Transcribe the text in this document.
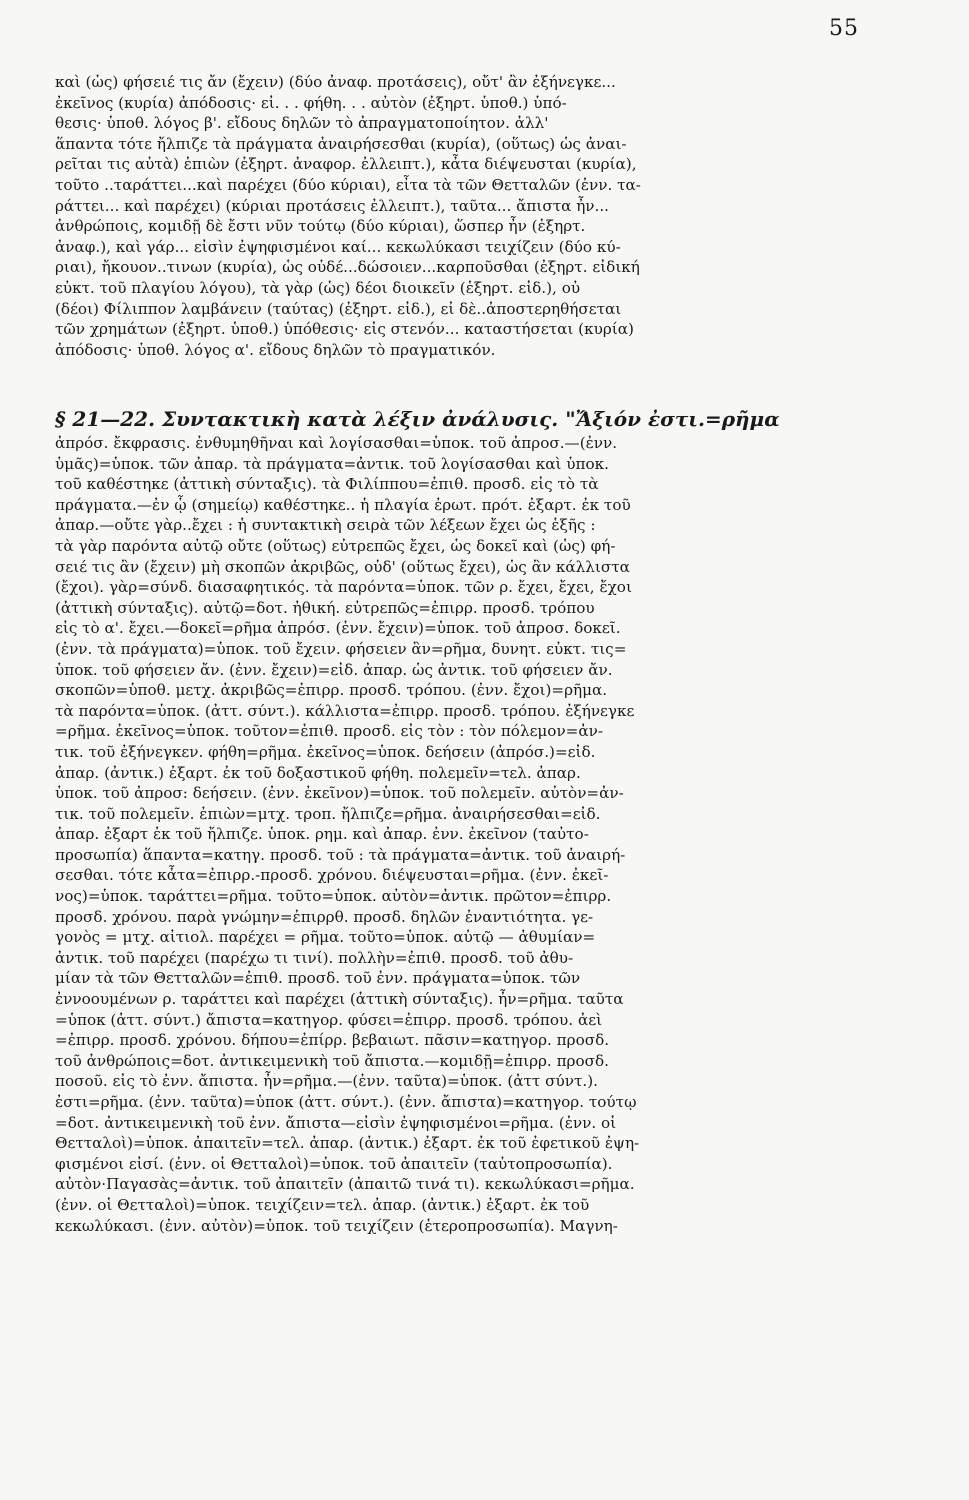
55
καὶ (ὡς) φήσειέ τις ἄν (ἔχειν) (δύο ἀναφ. προτάσεις), οὔτ' ἂν ἐξήνεγκε...
ἐκεῖνος (κυρία) ἀπόδοσις· εἰ. . . φήθη. . . αὐτὸν (ἐξηρτ. ὑποθ.) ὑπό-
θεσις· ὑποθ. λόγος β'. εἴδους δηλῶν τὸ ἀπραγματοποίητον. ἀλλ'
ἅπαντα τότε ἤλπιζε τὰ πράγματα ἀναιρήσεσθαι (κυρία), (οὕτως) ὡς ἀναι-
ρεῖται τις αὐτὰ) ἐπιὼν (ἐξηρτ. ἀναφορ. ἐλλειπτ.), κἆτα διέψευσται (κυρία),
τοῦτο ..ταράττει...καὶ παρέχει (δύο κύριαι), εἶτα τὰ τῶν Θετταλῶν (ἐνν. τα-
ράττει... καὶ παρέχει) (κύριαι προτάσεις ἐλλειπτ.), ταῦτα... ἄπιστα ἦν...
ἀνθρώποις, κομιδῇ δὲ ἔστι νῦν τούτῳ (δύο κύριαι), ὥσπερ ἦν (ἐξηρτ.
ἀναφ.), καὶ γάρ... εἰσὶν ἐψηφισμένοι καί... κεκωλύκασι τειχίζειν (δύο κύ-
ριαι), ἤκουον..τινων (κυρία), ὡς οὐδέ...δώσοιεν...καρποῦσθαι (ἐξηρτ. εἰδική
εὐκτ. τοῦ πλαγίου λόγου), τὰ γὰρ (ὡς) δέοι διοικεῖν (ἐξηρτ. εἰδ.), οὐ
(δέοι) Φίλιππον λαμβάνειν (ταύτας) (ἐξηρτ. εἰδ.), εἰ δὲ..ἀποστερηθήσεται
τῶν χρημάτων (ἐξηρτ. ὑποθ.) ὑπόθεσις· εἰς στενόν... καταστήσεται (κυρία)
ἀπόδοσις· ὑποθ. λόγος α'. εἴδους δηλῶν τὸ πραγματικόν.
§ 21—22. Συντακτικὴ κατὰ λέξιν ἀνάλυσις. "Ἄξιόν ἐστι.=ρῆμα
ἀπρόσ. ἔκφρασις. ἐνθυμηθῆναι καὶ λογίσασθαι=ὑποκ. τοῦ ἀπροσ.—(ἐνν.
ὑμᾶς)=ὑποκ. τῶν ἀπαρ. τὰ πράγματα=ἀντικ. τοῦ λογίσασθαι καὶ ὑποκ.
τοῦ καθέστηκε (ἀττικὴ σύνταξις). τὰ Φιλίππου=ἐπιθ. προσδ. εἰς τὸ τὰ
πράγματα.—ἐν ᾧ (σημείῳ) καθέστηκε.. ἡ πλαγία ἐρωτ. πρότ. ἐξαρτ. ἐκ τοῦ
ἀπαρ.—οὔτε γὰρ..ἔχει : ἡ συντακτικὴ σειρὰ τῶν λέξεων ἔχει ὡς ἑξῆς :
τὰ γὰρ παρόντα αὐτῷ οὔτε (οὕτως) εὐτρεπῶς ἔχει, ὡς δοκεῖ καὶ (ὡς) φή-
σειέ τις ἂν (ἔχειν) μὴ σκοπῶν ἀκριβῶς, οὐδ' (οὕτως ἔχει), ὡς ἂν κάλλιστα
(ἔχοι). γὰρ=σύνδ. διασαφητικός. τὰ παρόντα=ὑποκ. τῶν ρ. ἔχει, ἔχει, ἔχοι
(ἀττικὴ σύνταξις). αὐτῷ=δοτ. ἠθική. εὐτρεπῶς=ἐπιρρ. προσδ. τρόπου
εἰς τὸ α'. ἔχει.—δοκεῖ=ρῆμα ἀπρόσ. (ἐνν. ἔχειν)=ὑποκ. τοῦ ἀπροσ. δοκεῖ.
(ἐνν. τὰ πράγματα)=ὑποκ. τοῦ ἔχειν. φήσειεν ἂν=ρῆμα, δυνητ. εὐκτ. τις=
ὑποκ. τοῦ φήσειεν ἄν. (ἐνν. ἔχειν)=εἰδ. ἀπαρ. ὡς ἀντικ. τοῦ φήσειεν ἄν.
σκοπῶν=ὑποθ. μετχ. ἀκριβῶς=ἐπιρρ. προσδ. τρόπου. (ἐνν. ἔχοι)=ρῆμα.
τὰ παρόντα=ὑποκ. (ἀττ. σύντ.). κάλλιστα=ἐπιρρ. προσδ. τρόπου. ἐξήνεγκε
=ρῆμα. ἐκεῖνος=ὑποκ. τοῦτον=ἐπιθ. προσδ. εἰς τὸν : τὸν πόλεμον=ἀν-
τικ. τοῦ ἐξήνεγκεν. φήθη=ρῆμα. ἐκεῖνος=ὑποκ. δεήσειν (ἀπρόσ.)=εἰδ.
ἀπαρ. (ἀντικ.) ἐξαρτ. ἐκ τοῦ δοξαστικοῦ φήθη. πολεμεῖν=τελ. ἀπαρ.
ὑποκ. τοῦ ἀπροσ: δεήσειν. (ἐνν. ἐκεῖνον)=ὑποκ. τοῦ πολεμεῖν. αὐτὸν=ἀν-
τικ. τοῦ πολεμεῖν. ἐπιὼν=μτχ. τροπ. ἤλπιζε=ρῆμα. ἀναιρήσεσθαι=εἰδ.
ἀπαρ. ἐξαρτ ἐκ τοῦ ἤλπιζε. ὑποκ. ρημ. καὶ ἀπαρ. ἐνν. ἐκεῖνον (ταὐτο-
προσωπία) ἅπαντα=κατηγ. προσδ. τοῦ : τὰ πράγματα=ἀντικ. τοῦ ἀναιρή-
σεσθαι. τότε κἆτα=ἐπιρρ.-προσδ. χρόνου. διέψευσται=ρῆμα. (ἐνν. ἐκεῖ-
νος)=ὑποκ. ταράττει=ρῆμα. τοῦτο=ὑποκ. αὐτὸν=ἀντικ. πρῶτον=ἐπιρρ.
προσδ. χρόνου. παρὰ γνώμην=ἐπιρρθ. προσδ. δηλῶν ἐναντιότητα. γε-
γονὸς = μτχ. αἰτιολ. παρέχει = ρῆμα. τοῦτο=ὑποκ. αὐτῷ — ἀθυμίαν=
ἀντικ. τοῦ παρέχει (παρέχω τι τινί). πολλὴν=ἐπιθ. προσδ. τοῦ ἀθυ-
μίαν τὰ τῶν Θετταλῶν=ἐπιθ. προσδ. τοῦ ἐνν. πράγματα=ὑποκ. τῶν
ἐννοουμένων ρ. ταράττει καὶ παρέχει (ἀττικὴ σύνταξις). ἦν=ρῆμα. ταῦτα
=ὑποκ (ἀττ. σύντ.) ἄπιστα=κατηγορ. φύσει=ἐπιρρ. προσδ. τρόπου. ἀεὶ
=ἐπιρρ. προσδ. χρόνου. δήπου=ἐπίρρ. βεβαιωτ. πᾶσιν=κατηγορ. προσδ.
τοῦ ἀνθρώποις=δοτ. ἀντικειμενικὴ τοῦ ἄπιστα.—κομιδῇ=ἐπιρρ. προσδ.
ποσοῦ. εἰς τὸ ἐνν. ἄπιστα. ἦν=ρῆμα.—(ἐνν. ταῦτα)=ὑποκ. (ἀττ σύντ.).
ἐστι=ρῆμα. (ἐνν. ταῦτα)=ὑποκ (ἀττ. σύντ.). (ἐνν. ἄπιστα)=κατηγορ. τούτῳ
=δοτ. ἀντικειμενικὴ τοῦ ἐνν. ἄπιστα—εἰσὶν ἐψηφισμένοι=ρῆμα. (ἐνν. οἱ
Θετταλοὶ)=ὑποκ. ἀπαιτεῖν=τελ. ἀπαρ. (ἀντικ.) ἐξαρτ. ἐκ τοῦ ἐφετικοῦ ἐψη-
φισμένοι εἰσί. (ἐνν. οἱ Θετταλοὶ)=ὑποκ. τοῦ ἀπαιτεῖν (ταὐτοπροσωπία).
αὐτὸν·Παγασὰς=ἀντικ. τοῦ ἀπαιτεῖν (ἀπαιτῶ τινά τι). κεκωλύκασι=ρῆμα.
(ἐνν. οἱ Θετταλοὶ)=ὑποκ. τειχίζειν=τελ. ἀπαρ. (ἀντικ.) ἐξαρτ. ἐκ τοῦ
κεκωλύκασι. (ἐνν. αὐτὸν)=ὑποκ. τοῦ τειχίζειν (ἑτεροπροσωπία). Μαγνη-
